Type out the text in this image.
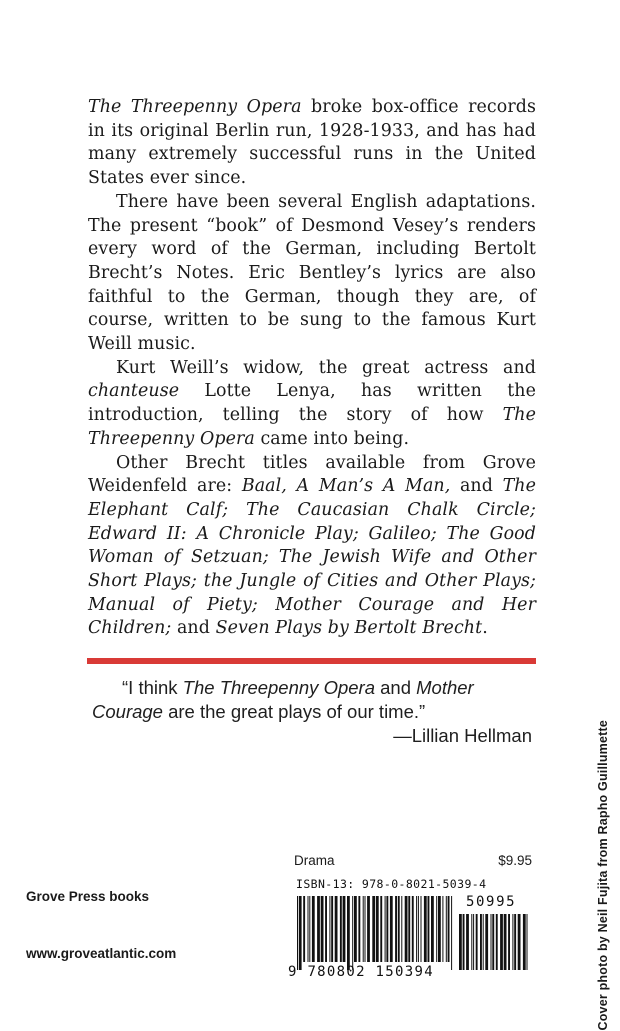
The Threepenny Opera broke box-office records in its original Berlin run, 1928-1933, and has had many extremely successful runs in the United States ever since.

There have been several English adaptations. The present “book” of Desmond Vesey’s renders every word of the German, including Bertolt Brecht’s Notes. Eric Bentley’s lyrics are also faithful to the German, though they are, of course, written to be sung to the famous Kurt Weill music.

Kurt Weill’s widow, the great actress and chanteuse Lotte Lenya, has written the introduction, telling the story of how The Threepenny Opera came into being.

Other Brecht titles available from Grove Weidenfeld are: Baal, A Man’s A Man, and The Elephant Calf; The Caucasian Chalk Circle; Edward II: A Chronicle Play; Galileo; The Good Woman of Setzuan; The Jewish Wife and Other Short Plays; the Jungle of Cities and Other Plays; Manual of Piety; Mother Courage and Her Children; and Seven Plays by Bertolt Brecht.

“I think The Threepenny Opera and Mother
Courage are the great plays of our time.”
—Lillian Hellman	Cover photo by Neil Fujita from Rapho Guillumette
Grove Press books
www.groveatlantic.com
Drama	$9.95
ISBN-13: 978-0-8021-5039-4
50995
9 780802 150394
